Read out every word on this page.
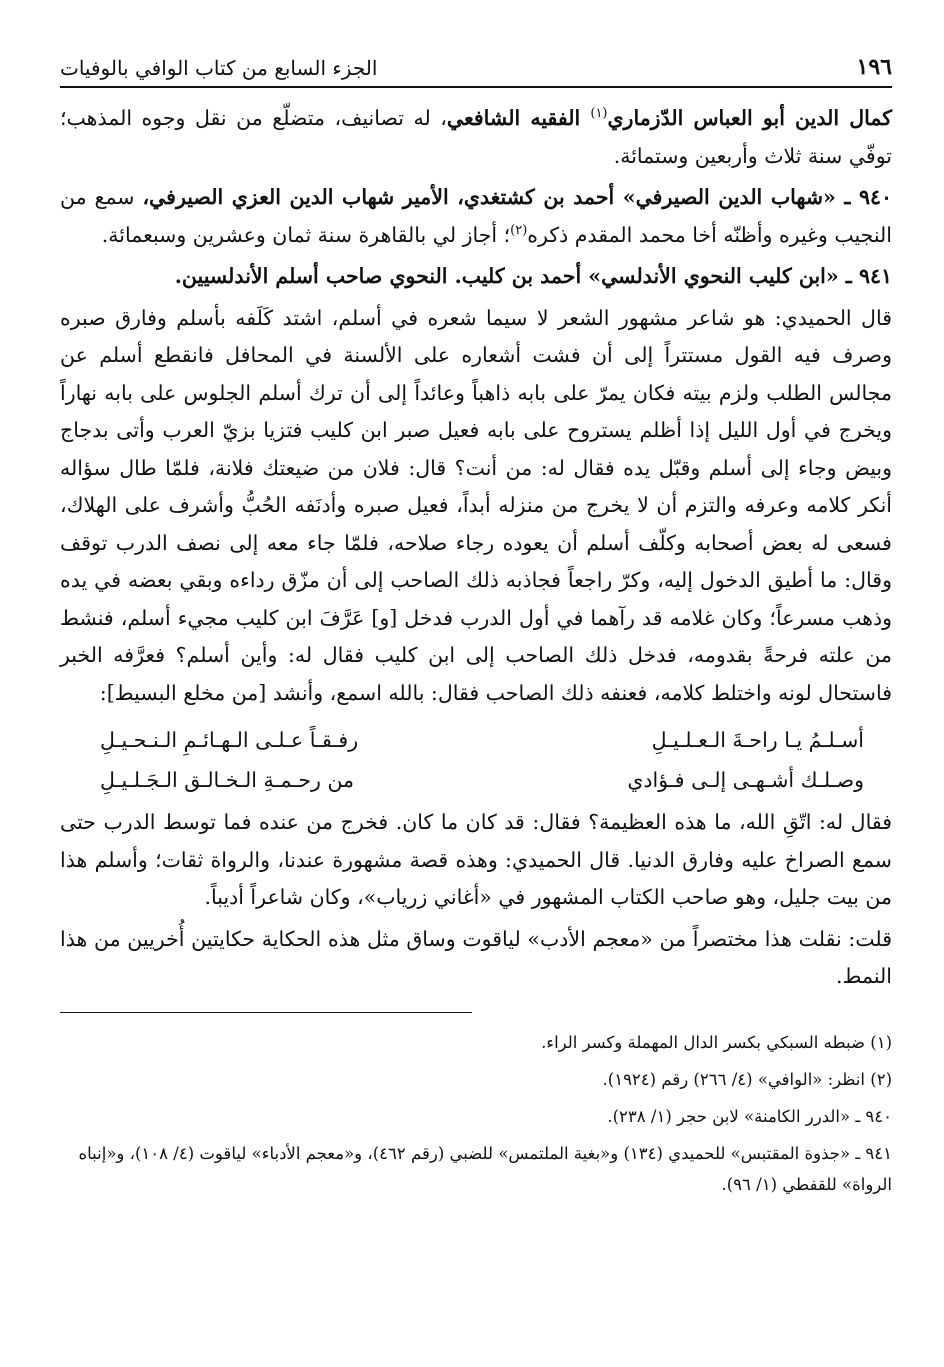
١٩٦
الجزء السابع من كتاب الوافي بالوفيات

كمال الدين أبو العباس الدّزماري$^{(١)}$ الفقيه الشافعي، له تصانيف، متضلّع من نقل وجوه المذهب؛ توفّي سنة ثلاث وأربعين وستمائة.

٩٤٠ ـ «شهاب الدين الصيرفي» أحمد بن كشتغدي، الأمير شهاب الدين العزي الصيرفي، سمع من النجيب وغيره وأظنّه أخا محمد المقدم ذكره$^{(٢)}$؛ أجاز لي بالقاهرة سنة ثمان وعشرين وسبعمائة.

٩٤١ ـ «ابن كليب النحوي الأندلسي» أحمد بن كليب. النحوي صاحب أسلم الأندلسيين.

قال الحميدي: هو شاعر مشهور الشعر لا سيما شعره في أسلم، اشتد كَلَفه بأسلم وفارق صبره وصرف فيه القول مستتراً إلى أن فشت أشعاره على الألسنة في المحافل فانقطع أسلم عن مجالس الطلب ولزم بيته فكان يمرّ على بابه ذاهباً وعائداً إلى أن ترك أسلم الجلوس على بابه نهاراً ويخرج في أول الليل إذا أظلم يستروح على بابه فعيل صبر ابن كليب فتزيا بزيّ العرب وأتى بدجاج وبيض وجاء إلى أسلم وقبّل يده فقال له: من أنت؟ قال: فلان من ضيعتك فلانة، فلمّا طال سؤاله أنكر كلامه وعرفه والتزم أن لا يخرج من منزله أبداً، فعيل صبره وأدنَفه الحُبُّ وأشرف على الهلاك، فسعى له بعض أصحابه وكلّف أسلم أن يعوده رجاء صلاحه، فلمّا جاء معه إلى نصف الدرب توقف وقال: ما أطيق الدخول إليه، وكرّ راجعاً فجاذبه ذلك الصاحب إلى أن مزّق رداءه وبقي بعضه في يده وذهب مسرعاً؛ وكان غلامه قد رآهما في أول الدرب فدخل [و] عَرَّفَ ابن كليب مجيء أسلم، فنشط من علته فرحةً بقدومه، فدخل ذلك الصاحب إلى ابن كليب فقال له: وأين أسلم؟ فعرَّفه الخبر فاستحال لونه واختلط كلامه، فعنفه ذلك الصاحب فقال: بالله اسمع، وأنشد [من مخلع البسيط]:

أسـلـمُ يـا راحـةَ الـعـلـيـلِ
رفـقـاً عـلـى الـهـائـمِ الـنـحـيـلِ
وصـلـك أشـهـى إلـى فـؤادي
من رحـمـةِ الـخـالـق الـجَـلـيـلِ

فقال له: اتّقِ الله، ما هذه العظيمة؟ فقال: قد كان ما كان. فخرج من عنده فما توسط الدرب حتى سمع الصراخ عليه وفارق الدنيا. قال الحميدي: وهذه قصة مشهورة عندنا، والرواة ثقات؛ وأسلم هذا من بيت جليل، وهو صاحب الكتاب المشهور في «أغاني زرياب»، وكان شاعراً أديباً.

قلت: نقلت هذا مختصراً من «معجم الأدب» لياقوت وساق مثل هذه الحكاية حكايتين أُخريين من هذا النمط.

(١) ضبطه السبكي بكسر الدال المهملة وكسر الراء.
(٢) انظر: «الوافي» (٤/ ٢٦٦) رقم (١٩٢٤).
٩٤٠ ـ «الدرر الكامنة» لابن حجر (١/ ٢٣٨).
٩٤١ ـ «جذوة المقتبس» للحميدي (١٣٤) و«بغية الملتمس» للضبي (رقم ٤٦٢)، و«معجم الأدباء» لياقوت (٤/ ١٠٨)، و«إنباه الرواة» للقفطي (١/ ٩٦).
